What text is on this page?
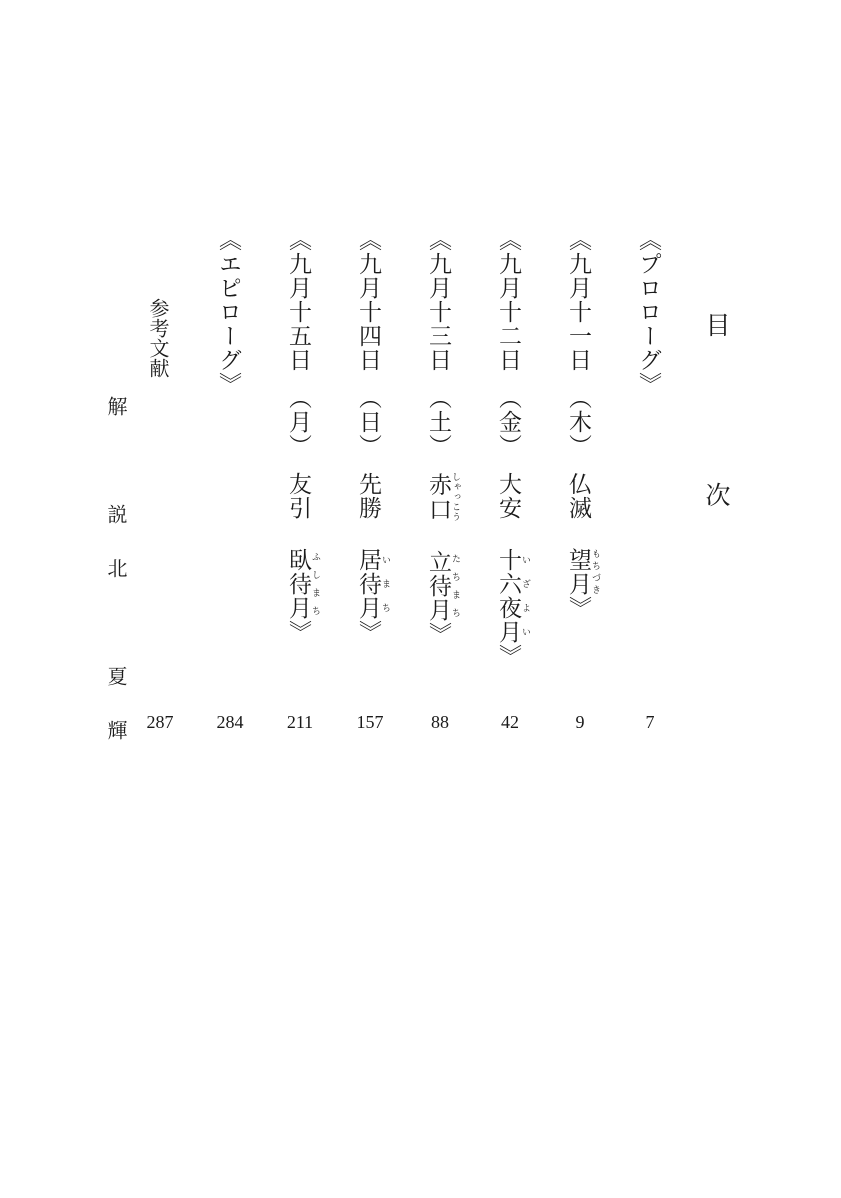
目　次
《プロローグ》
7
《九月十一日（木）仏滅望月 もちづき》
9
《九月十二日（金）大安十六夜月 いざよい》
42
《九月十三日（土）赤口 しゃっこう立待月 たちまち》
88
《九月十四日（日）先勝居待月 いまち》
157
《九月十五日（月）友引臥待月 ふしまち》
211
《エピローグ》
284
参考文献
287
解　説北　夏輝
